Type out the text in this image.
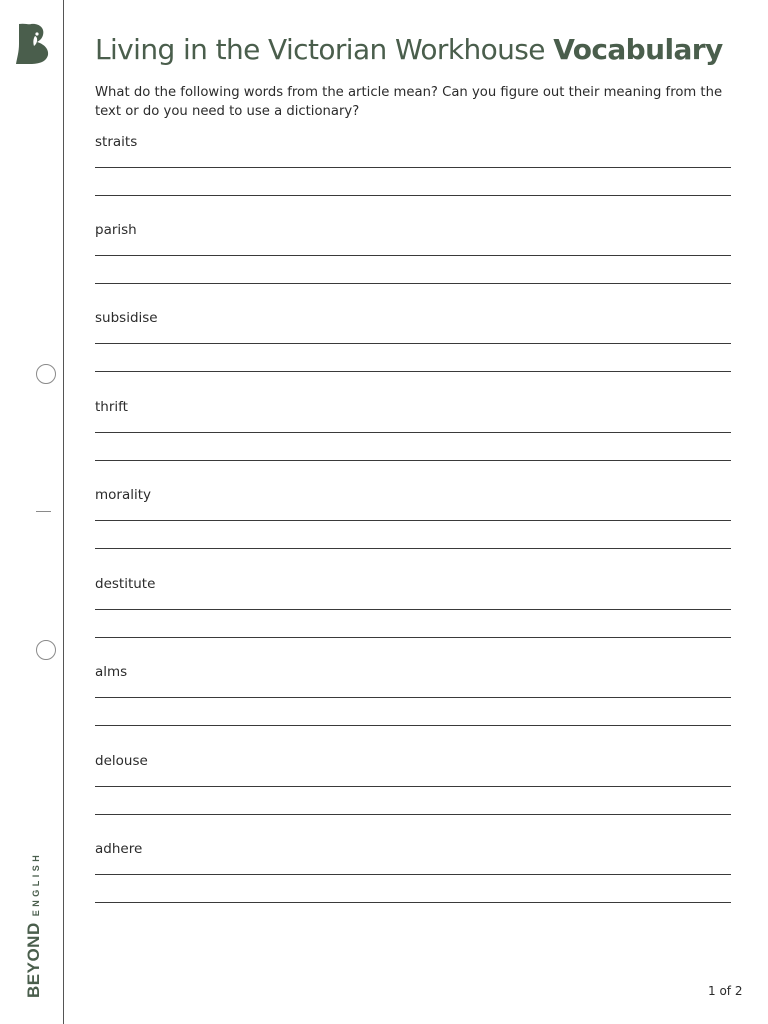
BEYONDENGLISH
Living in the Victorian Workhouse Vocabulary

What do the following words from the article mean? Can you figure out their meaning from the text or do you need to use a dictionary?

straits
parish
subsidise
thrift
morality
destitute
alms
delouse
adhere
1 of 2
